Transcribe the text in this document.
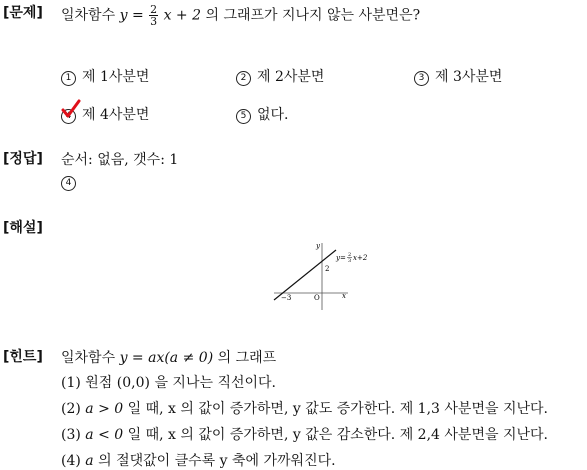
[문제] 일차함수 $y = \frac{2}{3}$ x + 2 의 그래프가 지나지 않는 사분면은?
1 제 1사분면	2 제 2사분면	3 제 3사분면
4 제 4사분면	5 없다.
[정답] 순서: 없음, 갯수: 1
4
[해설]
y
x
O
2
−3
y= 2
3 x+2
[힌트] 일차함수 y = ax(a ≠ 0) 의 그래프
(1) 원점 (0,0) 을 지나는 직선이다.
(2) a > 0 일 때, x 의 값이 증가하면, y 값도 증가한다. 제 1,3 사분면을 지난다.
(3) a < 0 일 때, x 의 값이 증가하면, y 값은 감소한다. 제 2,4 사분면을 지난다.
(4) a 의 절댓값이 클수록 y 축에 가까워진다.
